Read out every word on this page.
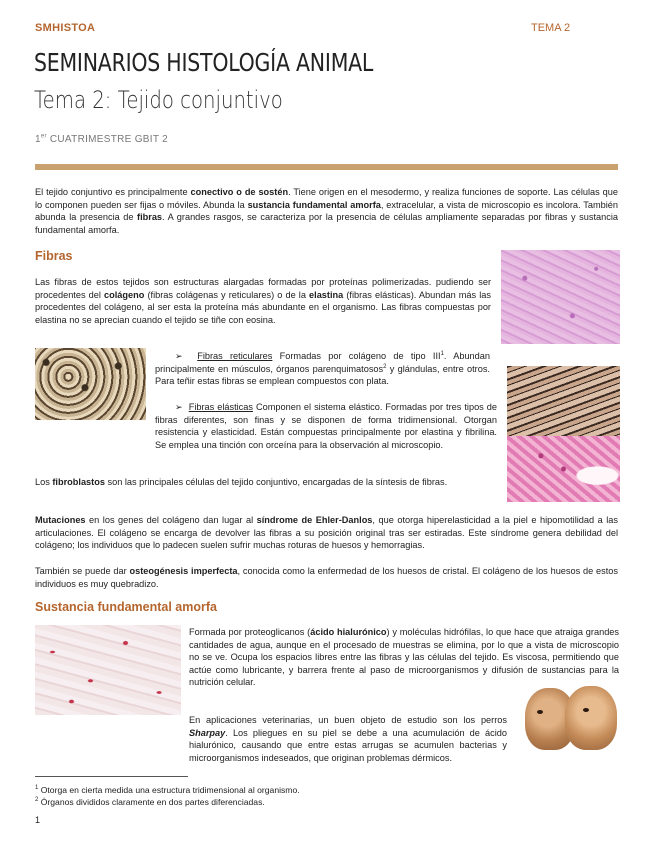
SMHISTOA	TEMA 2
SEMINARIOS HISTOLOGÍA ANIMAL
Tema 2: Tejido conjuntivo
1er CUATRIMESTRE GBIT 2

El tejido conjuntivo es principalmente conectivo o de sostén. Tiene origen en el mesodermo, y realiza funciones de soporte. Las células que lo componen pueden ser fijas o móviles. Abunda la sustancia fundamental amorfa, extracelular, a vista de microscopio es incolora. También abunda la presencia de fibras. A grandes rasgos, se caracteriza por la presencia de células ampliamente separadas por fibras y sustancia fundamental amorfa.

Fibras

Las fibras de estos tejidos son estructuras alargadas formadas por proteínas polimerizadas. pudiendo ser procedentes del colágeno (fibras colágenas y reticulares) o de la elastina (fibras elásticas). Abundan más las procedentes del colágeno, al ser esta la proteína más abundante en el organismo. Las fibras compuestas por elastina no se aprecian cuando el tejido se tiñe con eosina.

➢ Fibras reticulares Formadas por colágeno de tipo III$^1$. Abundan principalmente en músculos, órganos parenquimatosos$^2$ y glándulas, entre otros. Para teñir estas fibras se emplean compuestos con plata.

➢ Fibras elásticas Componen el sistema elástico. Formadas por tres tipos de fibras diferentes, son finas y se disponen de forma tridimensional. Otorgan resistencia y elasticidad. Están compuestas principalmente por elastina y fibrilina. Se emplea una tinción con orceína para la observación al microscopio.

Los fibroblastos son las principales células del tejido conjuntivo, encargadas de la síntesis de fibras.

Mutaciones en los genes del colágeno dan lugar al síndrome de Ehler-Danlos, que otorga hiperelasticidad a la piel e hipomotilidad a las articulaciones. El colágeno se encarga de devolver las fibras a su posición original tras ser estiradas. Este síndrome genera debilidad del colágeno; los individuos que lo padecen suelen sufrir muchas roturas de huesos y hemorragias.

También se puede dar osteogénesis imperfecta, conocida como la enfermedad de los huesos de cristal. El colágeno de los huesos de estos individuos es muy quebradizo.

Sustancia fundamental amorfa

Formada por proteoglicanos (ácido hialurónico) y moléculas hidrófilas, lo que hace que atraiga grandes cantidades de agua, aunque en el procesado de muestras se elimina, por lo que a vista de microscopio no se ve. Ocupa los espacios libres entre las fibras y las células del tejido. Es viscosa, permitiendo que actúe como lubricante, y barrera frente al paso de microorganismos y difusión de sustancias para la nutrición celular.

En aplicaciones veterinarias, un buen objeto de estudio son los perros Sharpay. Los pliegues en su piel se debe a una acumulación de ácido hialurónico, causando que entre estas arrugas se acumulen bacterias y microorganismos indeseados, que originan problemas dérmicos.

$^1$ Otorga en cierta medida una estructura tridimensional al organismo.
$^2$ Órganos divididos claramente en dos partes diferenciadas.
1
